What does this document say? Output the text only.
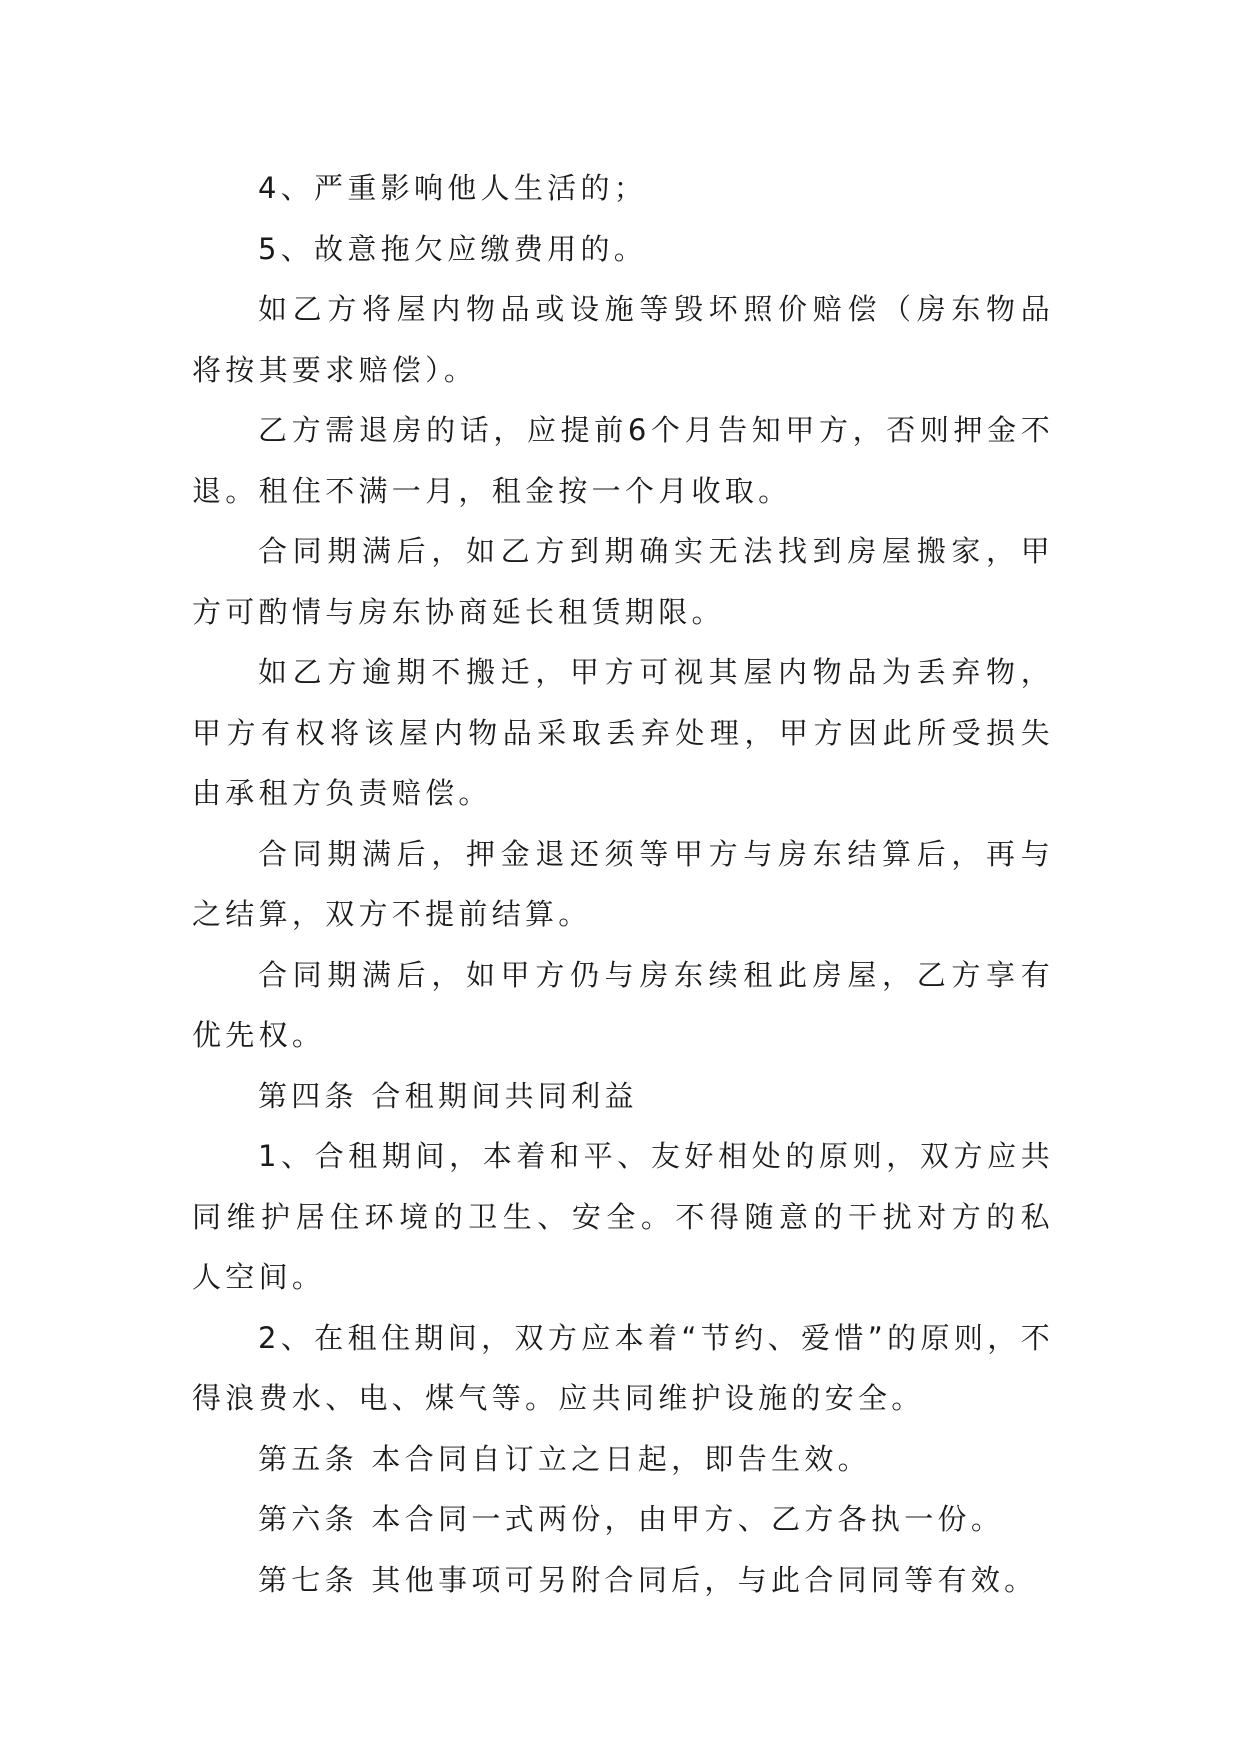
4、严重影响他人生活的；

5、故意拖欠应缴费用的。

如乙方将屋内物品或设施等毁坏照价赔偿（房东物品将按其要求赔偿）。

乙方需退房的话，应提前6个月告知甲方，否则押金不退。租住不满一月，租金按一个月收取。

合同期满后，如乙方到期确实无法找到房屋搬家，甲方可酌情与房东协商延长租赁期限。

如乙方逾期不搬迁，甲方可视其屋内物品为丢弃物，甲方有权将该屋内物品采取丢弃处理，甲方因此所受损失由承租方负责赔偿。

合同期满后，押金退还须等甲方与房东结算后，再与之结算，双方不提前结算。

合同期满后，如甲方仍与房东续租此房屋，乙方享有优先权。

第四条 合租期间共同利益

1、合租期间，本着和平、友好相处的原则，双方应共同维护居住环境的卫生、安全。不得随意的干扰对方的私人空间。

2、在租住期间，双方应本着“节约、爱惜”的原则，不得浪费水、电、煤气等。应共同维护设施的安全。

第五条 本合同自订立之日起，即告生效。

第六条 本合同一式两份，由甲方、乙方各执一份。

第七条 其他事项可另附合同后，与此合同同等有效。
